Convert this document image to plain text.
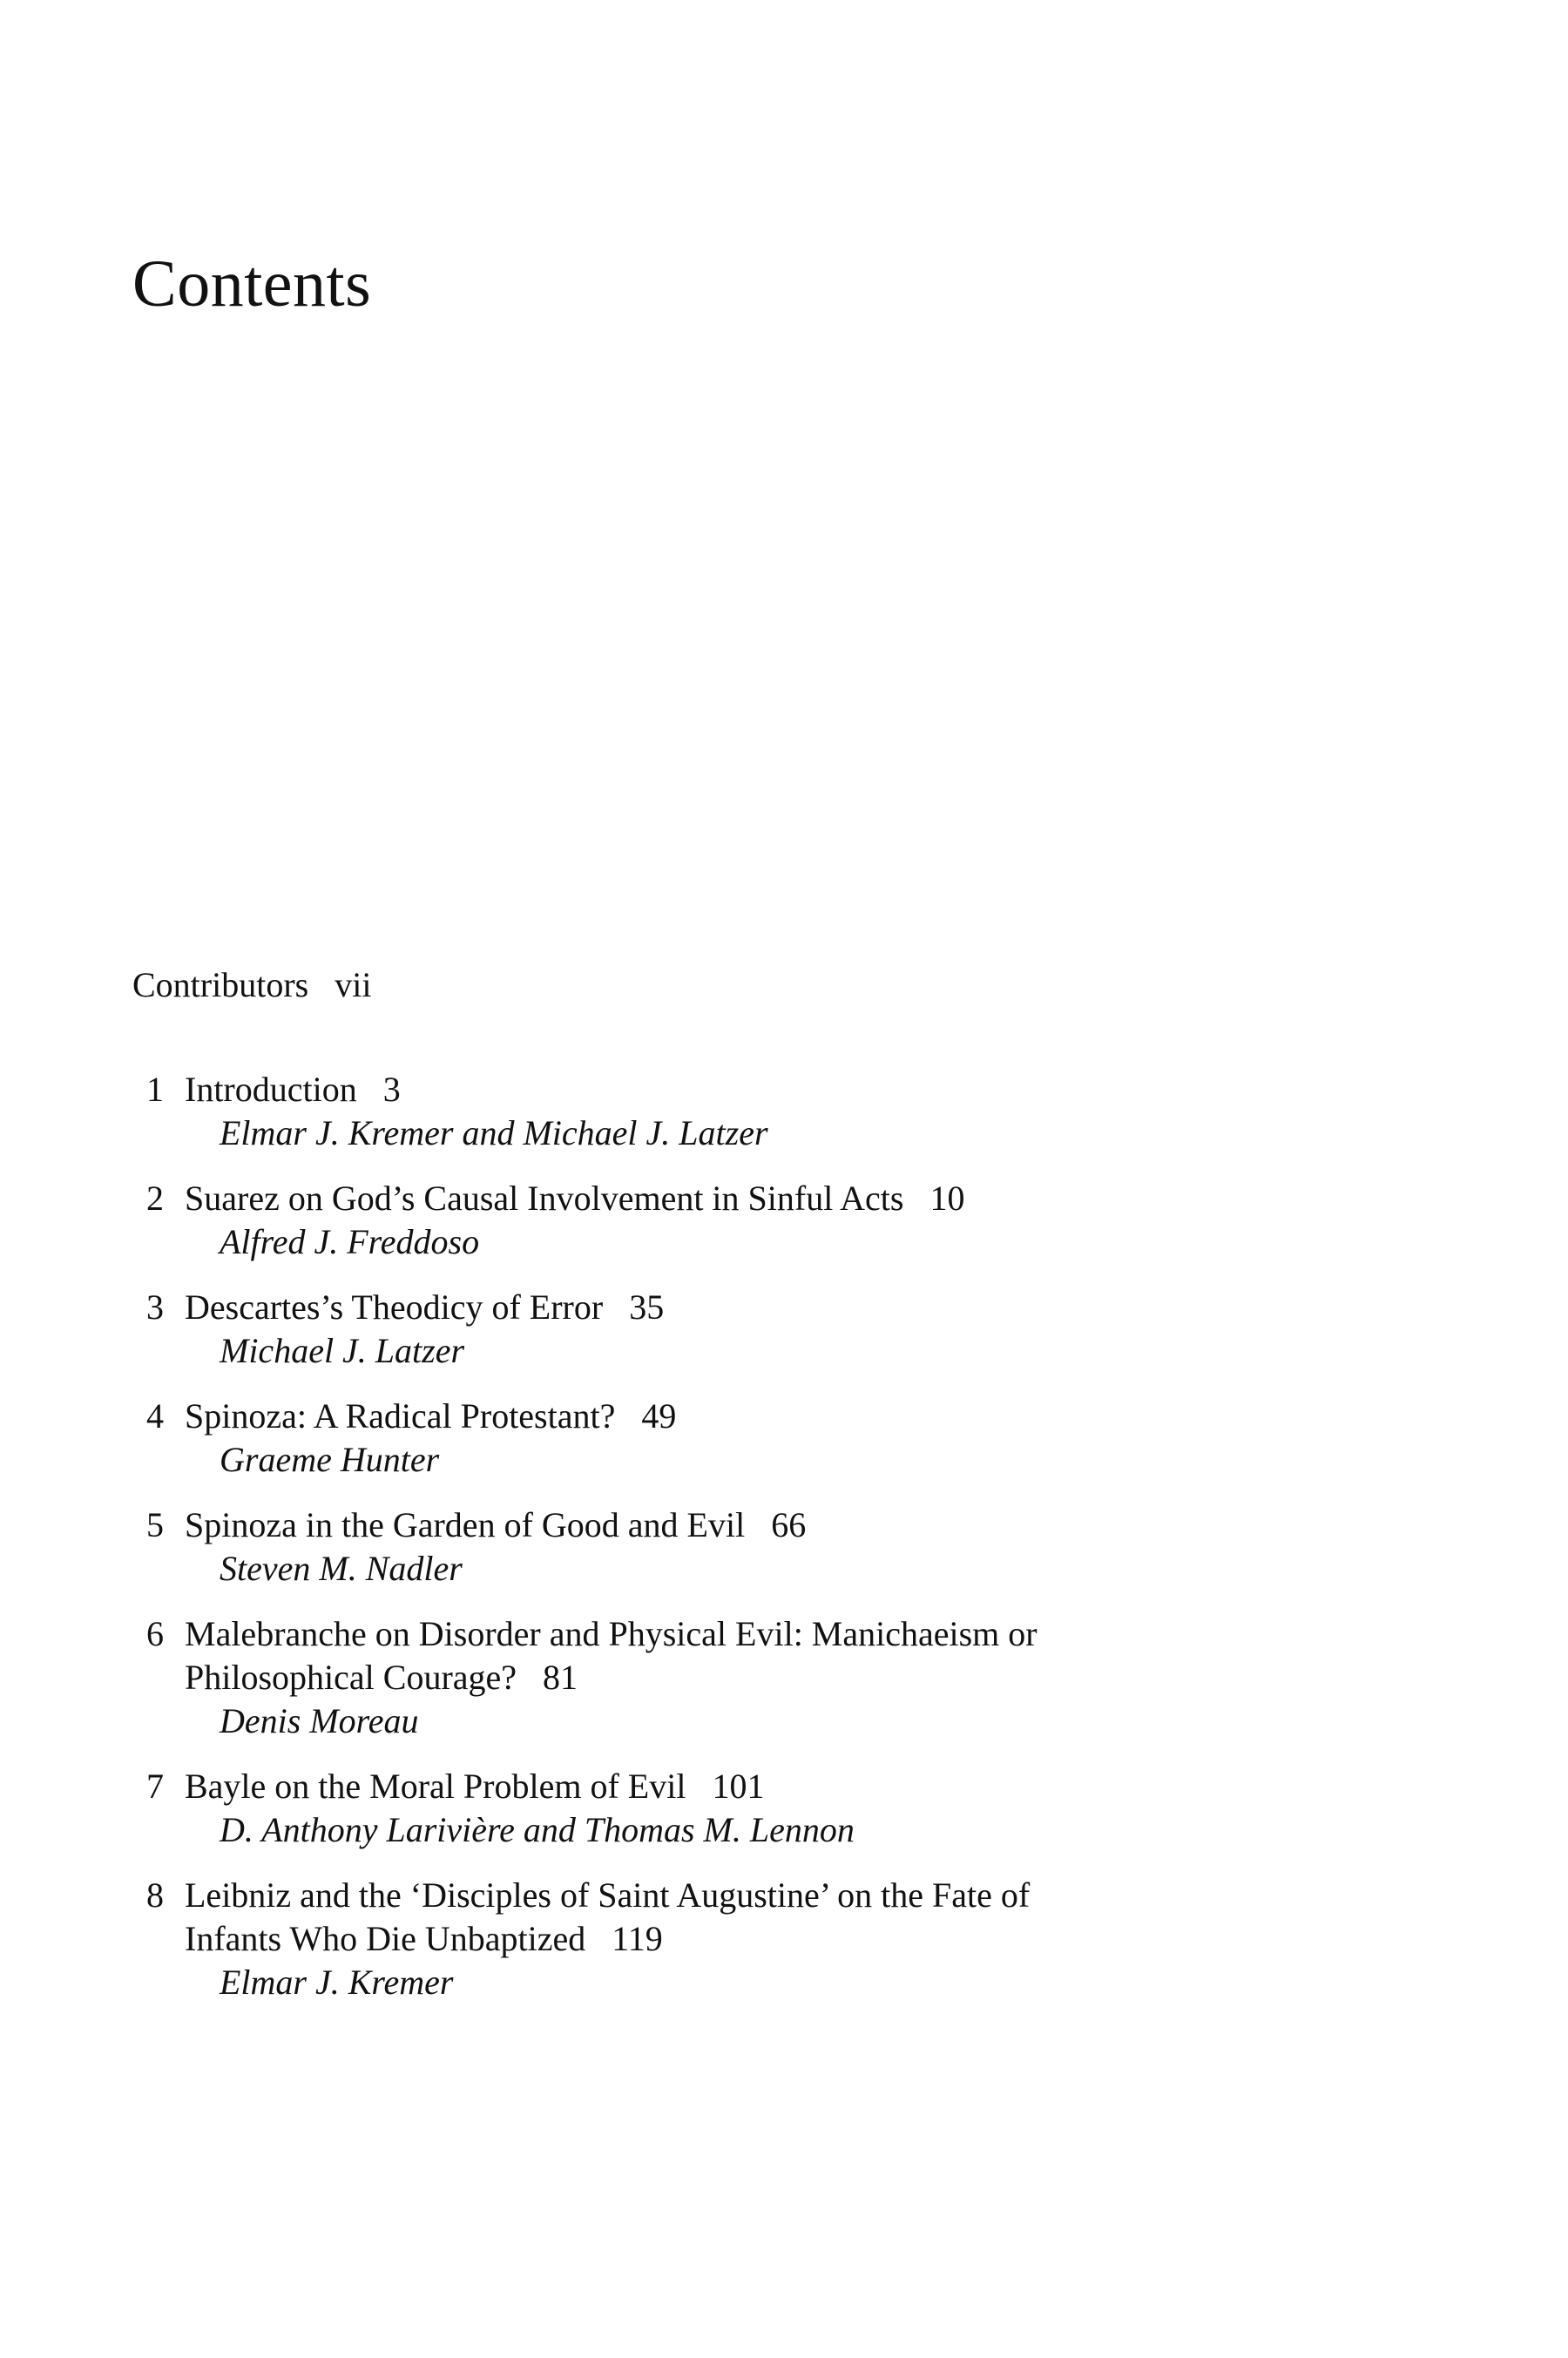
Contents
Contributors vii
1 Introduction 3
Elmar J. Kremer and Michael J. Latzer
2 Suarez on God’s Causal Involvement in Sinful Acts 10
Alfred J. Freddoso
3 Descartes’s Theodicy of Error 35
Michael J. Latzer
4 Spinoza: A Radical Protestant? 49
Graeme Hunter
5 Spinoza in the Garden of Good and Evil 66
Steven M. Nadler
6 Malebranche on Disorder and Physical Evil: Manichaeism or
Philosophical Courage? 81
Denis Moreau
7 Bayle on the Moral Problem of Evil 101
D. Anthony Larivière and Thomas M. Lennon
8 Leibniz and the ‘Disciples of Saint Augustine’ on the Fate of
Infants Who Die Unbaptized 119
Elmar J. Kremer
